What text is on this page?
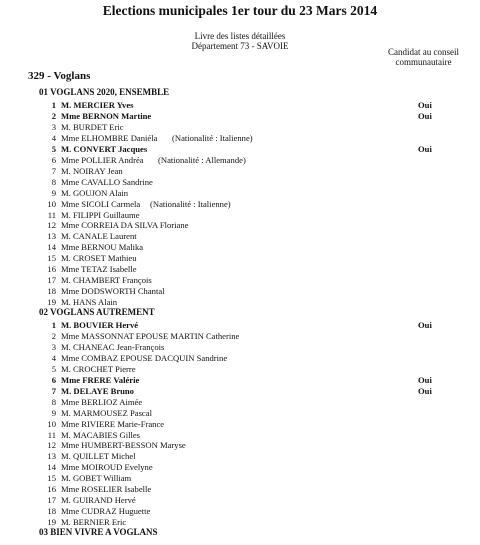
Elections municipales 1er tour du 23 Mars 2014
Livre des listes détaillées
Département 73 - SAVOIE
Candidat au conseil communautaire
329 - Voglans
01 VOGLANS 2020, ENSEMBLE
1 M. MERCIER Yves	Oui
2 Mme BERNON Martine	Oui
3 M. BURDET Eric
4 Mme ELHOMBRE Daniéla (Nationalité : Italienne)
5 M. CONVERT Jacques	Oui
6 Mme POLLIER Andréa (Nationalité : Allemande)
7 M. NOIRAY Jean
8 Mme CAVALLO Sandrine
9 M. GOUJON Alain
10 Mme SICOLI Carmela (Nationalité : Italienne)
11 M. FILIPPI Guillaume
12 Mme CORREIA DA SILVA Floriane
13 M. CANALE Laurent
14 Mme BERNOU Malika
15 M. CROSET Mathieu
16 Mme TETAZ Isabelle
17 M. CHAMBERT François
18 Mme DODSWORTH Chantal
19 M. HANS Alain
02 VOGLANS AUTREMENT
1 M. BOUVIER Hervé	Oui
2 Mme MASSONNAT EPOUSE MARTIN Catherine
3 M. CHANEAC Jean-François
4 Mme COMBAZ EPOUSE DACQUIN Sandrine
5 M. CROCHET Pierre
6 Mme FRERE Valérie	Oui
7 M. DELAYE Bruno	Oui
8 Mme BERLIOZ Aimée
9 M. MARMOUSEZ Pascal
10 Mme RIVIERE Marie-France
11 M. MACABIES Gilles
12 Mme HUMBERT-BESSON Maryse
13 M. QUILLET Michel
14 Mme MOIROUD Evelyne
15 M. GOBET William
16 Mme ROSELIER Isabelle
17 M. GUIRAND Hervé
18 Mme CUDRAZ Huguette
19 M. BERNIER Eric
03 BIEN VIVRE A VOGLANS
